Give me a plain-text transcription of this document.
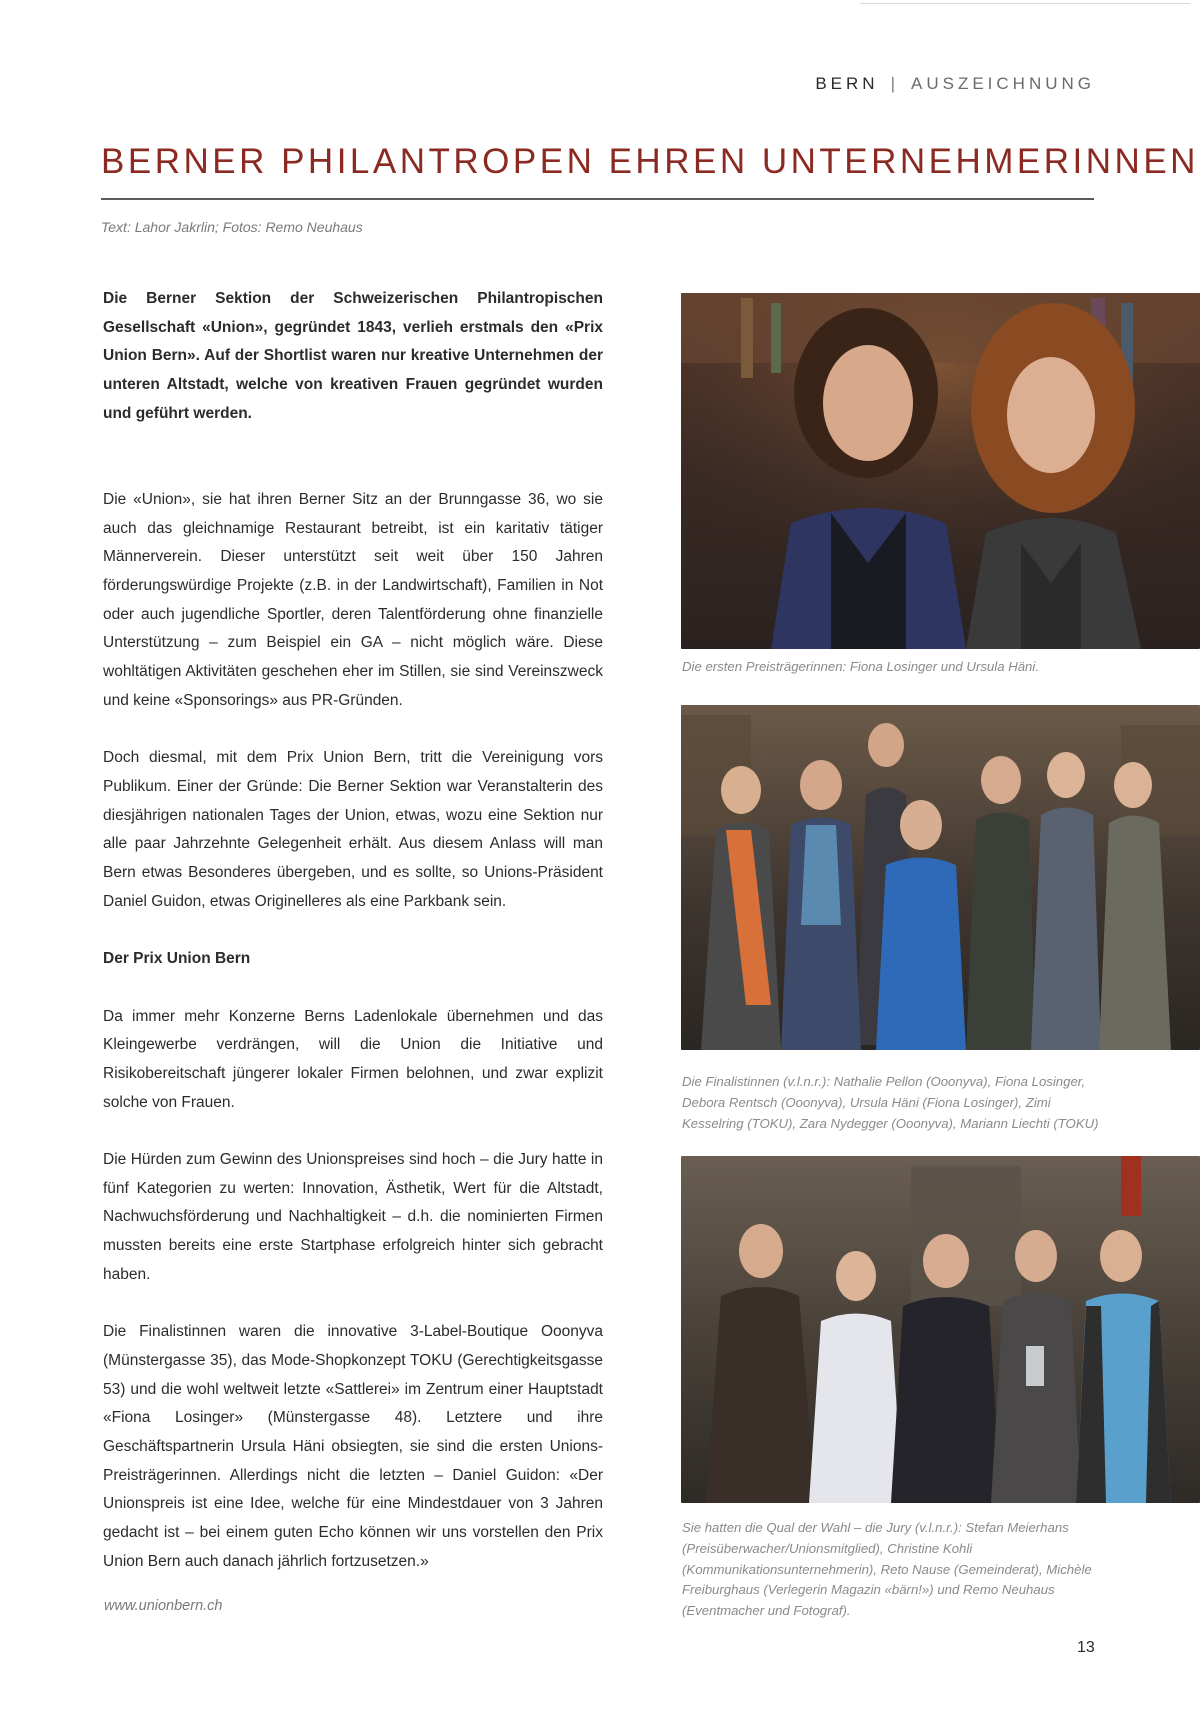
BERN | AUSZEICHNUNG
BERNER PHILANTROPEN EHREN UNTERNEHMERINNEN
Text: Lahor Jakrlin; Fotos: Remo Neuhaus

Die Berner Sektion der Schweizerischen Philantropischen Gesellschaft «Union», gegründet 1843, verlieh erstmals den «Prix Union Bern». Auf der Shortlist waren nur kreative Unternehmen der unteren Altstadt, welche von kreativen Frauen gegründet wurden und geführt werden.

Die «Union», sie hat ihren Berner Sitz an der Brunngasse 36, wo sie auch das gleichnamige Restaurant betreibt, ist ein karitativ tätiger Männerverein. Dieser unterstützt seit weit über 150 Jahren förderungswürdige Projekte (z.B. in der Landwirtschaft), Familien in Not oder auch jugendliche Sportler, deren Talentförderung ohne finanzielle Unterstützung – zum Beispiel ein GA – nicht möglich wäre. Diese wohltätigen Aktivitäten geschehen eher im Stillen, sie sind Vereinszweck und keine «Sponsorings» aus PR-Gründen.

Doch diesmal, mit dem Prix Union Bern, tritt die Vereinigung vors Publikum. Einer der Gründe: Die Berner Sektion war Veranstalterin des diesjährigen nationalen Tages der Union, etwas, wozu eine Sektion nur alle paar Jahrzehnte Gelegenheit erhält. Aus diesem Anlass will man Bern etwas Besonderes übergeben, und es sollte, so Unions-Präsident Daniel Guidon, etwas Originelleres als eine Parkbank sein.

Der Prix Union Bern

Da immer mehr Konzerne Berns Ladenlokale übernehmen und das Kleingewerbe verdrängen, will die Union die Initiative und Risikobereitschaft jüngerer lokaler Firmen belohnen, und zwar explizit solche von Frauen.

Die Hürden zum Gewinn des Unionspreises sind hoch – die Jury hatte in fünf Kategorien zu werten: Innovation, Ästhetik, Wert für die Altstadt, Nachwuchsförderung und Nachhaltigkeit – d.h. die nominierten Firmen mussten bereits eine erste Startphase erfolgreich hinter sich gebracht haben.

Die Finalistinnen waren die innovative 3-Label-Boutique Ooonyva (Münstergasse 35), das Mode-Shopkonzept TOKU (Gerechtigkeitsgasse 53) und die wohl weltweit letzte «Sattlerei» im Zentrum einer Hauptstadt «Fiona Losinger» (Münstergasse 48). Letztere und ihre Geschäftspartnerin Ursula Häni obsiegten, sie sind die ersten Unions-Preisträgerinnen. Allerdings nicht die letzten – Daniel Guidon: «Der Unionspreis ist eine Idee, welche für eine Mindestdauer von 3 Jahren gedacht ist – bei einem guten Echo können wir uns vorstellen den Prix Union Bern auch danach jährlich fortzusetzen.»

www.unionbern.ch
Die ersten Preisträgerinnen: Fiona Losinger und Ursula Häni.
Die Finalistinnen (v.l.n.r.): Nathalie Pellon (Ooonyva), Fiona Losinger, Debora Rentsch (Ooonyva), Ursula Häni (Fiona Losinger), Zimi Kesselring (TOKU), Zara Nydegger (Ooonyva), Mariann Liechti (TOKU)
Sie hatten die Qual der Wahl – die Jury (v.l.n.r.): Stefan Meierhans (Preisüberwacher/Unionsmitglied), Christine Kohli (Kommunikationsunternehmerin), Reto Nause (Gemeinderat), Michèle Freiburghaus (Verlegerin Magazin «bärn!») und Remo Neuhaus (Eventmacher und Fotograf).
13
